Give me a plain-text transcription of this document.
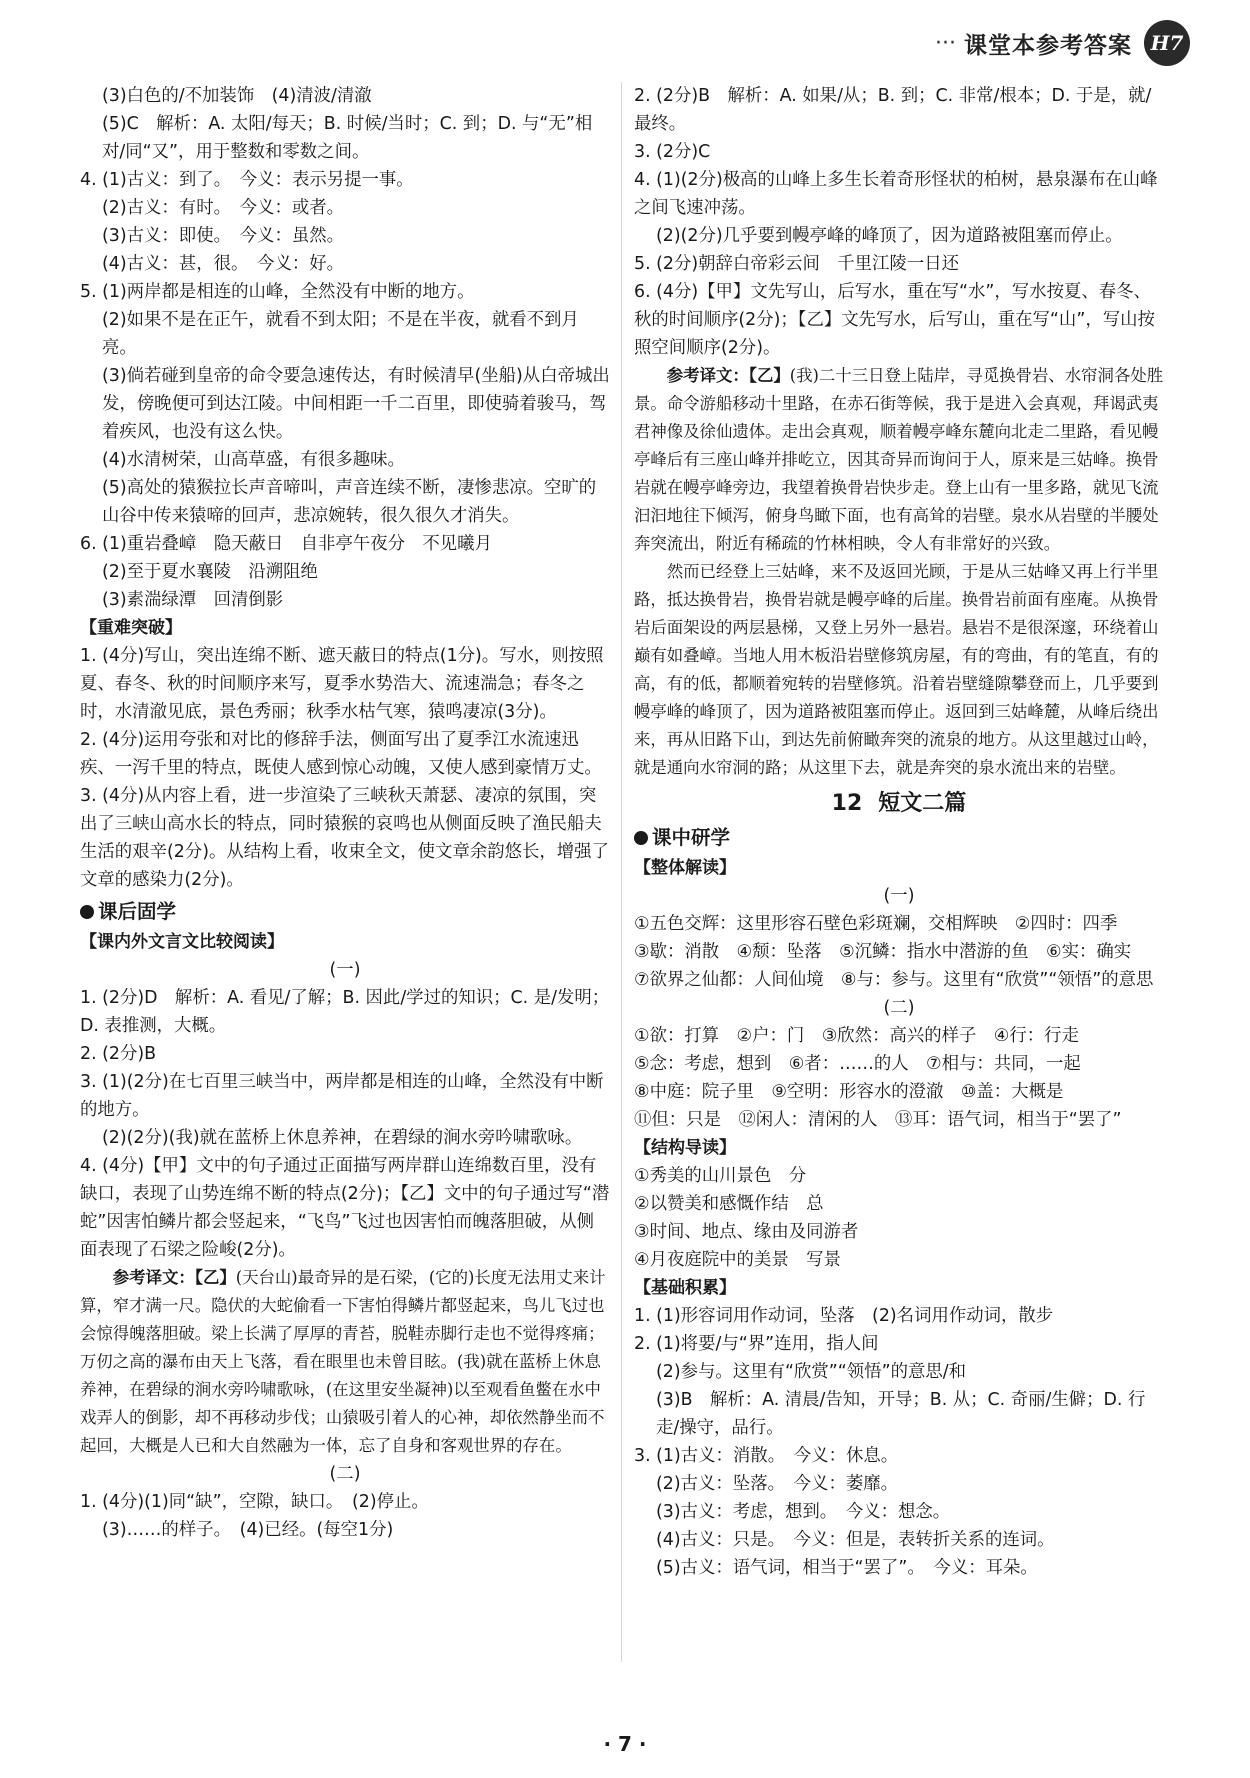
··· 课堂本参考答案 H7

(3)白色的/不加装饰　(4)清波/清澈

(5)C　解析：A. 太阳/每天；B. 时候/当时；C. 到；D. 与“无”相对/同“又”，用于整数和零数之间。

4. (1)古义：到了。　今义：表示另提一事。

(2)古义：有时。　今义：或者。

(3)古义：即使。　今义：虽然。

(4)古义：甚，很。　今义：好。

5. (1)两岸都是相连的山峰，全然没有中断的地方。

(2)如果不是在正午，就看不到太阳；不是在半夜，就看不到月亮。

(3)倘若碰到皇帝的命令要急速传达，有时候清早(坐船)从白帝城出发，傍晚便可到达江陵。中间相距一千二百里，即使骑着骏马，驾着疾风，也没有这么快。

(4)水清树荣，山高草盛，有很多趣味。

(5)高处的猿猴拉长声音啼叫，声音连续不断，凄惨悲凉。空旷的山谷中传来猿啼的回声，悲凉婉转，很久很久才消失。

6. (1)重岩叠嶂　隐天蔽日　自非亭午夜分　不见曦月

(2)至于夏水襄陵　沿溯阻绝

(3)素湍绿潭　回清倒影

【重难突破】

1. (4分)写山，突出连绵不断、遮天蔽日的特点(1分)。写水，则按照夏、春冬、秋的时间顺序来写，夏季水势浩大、流速湍急；春冬之时，水清澈见底，景色秀丽；秋季水枯气寒，猿鸣凄凉(3分)。

2. (4分)运用夸张和对比的修辞手法，侧面写出了夏季江水流速迅疾、一泻千里的特点，既使人感到惊心动魄，又使人感到豪情万丈。

3. (4分)从内容上看，进一步渲染了三峡秋天萧瑟、凄凉的氛围，突出了三峡山高水长的特点，同时猿猴的哀鸣也从侧面反映了渔民船夫生活的艰辛(2分)。从结构上看，收束全文，使文章余韵悠长，增强了文章的感染力(2分)。

课后固学

【课内外文言文比较阅读】

(一)

1. (2分)D　解析：A. 看见/了解；B. 因此/学过的知识；C. 是/发明；D. 表推测，大概。

2. (2分)B

3. (1)(2分)在七百里三峡当中，两岸都是相连的山峰，全然没有中断的地方。

(2)(2分)(我)就在蓝桥上休息养神，在碧绿的涧水旁吟啸歌咏。

4. (4分)【甲】文中的句子通过正面描写两岸群山连绵数百里，没有缺口，表现了山势连绵不断的特点(2分)；【乙】文中的句子通过写“潜蛇”因害怕鳞片都会竖起来，“飞鸟”飞过也因害怕而魄落胆破，从侧面表现了石梁之险峻(2分)。

参考译文：【乙】(天台山)最奇异的是石梁，(它的)长度无法用丈来计算，窄才满一尺。隐伏的大蛇偷看一下害怕得鳞片都竖起来，鸟儿飞过也会惊得魄落胆破。梁上长满了厚厚的青苔，脱鞋赤脚行走也不觉得疼痛；万仞之高的瀑布由天上飞落，看在眼里也未曾目眩。(我)就在蓝桥上休息养神，在碧绿的涧水旁吟啸歌咏，(在这里安坐凝神)以至观看鱼鳖在水中戏弄人的倒影，却不再移动步伐；山猿吸引着人的心神，却依然静坐而不起回，大概是人已和大自然融为一体，忘了自身和客观世界的存在。

(二)

1. (4分)(1)同“缺”，空隙，缺口。　(2)停止。

(3)……的样子。　(4)已经。(每空1分)

2. (2分)B　解析：A. 如果/从；B. 到；C. 非常/根本；D. 于是，就/最终。

3. (2分)C

4. (1)(2分)极高的山峰上多生长着奇形怪状的柏树，悬泉瀑布在山峰之间飞速冲荡。

(2)(2分)几乎要到幔亭峰的峰顶了，因为道路被阻塞而停止。

5. (2分)朝辞白帝彩云间　千里江陵一日还

6. (4分)【甲】文先写山，后写水，重在写“水”，写水按夏、春冬、秋的时间顺序(2分)；【乙】文先写水，后写山，重在写“山”，写山按照空间顺序(2分)。

参考译文：【乙】(我)二十三日登上陆岸，寻觅换骨岩、水帘洞各处胜景。命令游船移动十里路，在赤石街等候，我于是进入会真观，拜谒武夷君神像及徐仙遗体。走出会真观，顺着幔亭峰东麓向北走二里路，看见幔亭峰后有三座山峰并排屹立，因其奇异而询问于人，原来是三姑峰。换骨岩就在幔亭峰旁边，我望着换骨岩快步走。登上山有一里多路，就见飞流汩汩地往下倾泻，俯身鸟瞰下面，也有高耸的岩壁。泉水从岩壁的半腰处奔突流出，附近有稀疏的竹林相映，令人有非常好的兴致。

然而已经登上三姑峰，来不及返回光顾，于是从三姑峰又再上行半里路，抵达换骨岩，换骨岩就是幔亭峰的后崖。换骨岩前面有座庵。从换骨岩后面架设的两层悬梯，又登上另外一悬岩。悬岩不是很深邃，环绕着山巅有如叠嶂。当地人用木板沿岩壁修筑房屋，有的弯曲，有的笔直，有的高，有的低，都顺着宛转的岩壁修筑。沿着岩壁缝隙攀登而上，几乎要到幔亭峰的峰顶了，因为道路被阻塞而停止。返回到三姑峰麓，从峰后绕出来，再从旧路下山，到达先前俯瞰奔突的流泉的地方。从这里越过山岭，就是通向水帘洞的路；从这里下去，就是奔突的泉水流出来的岩壁。

12 短文二篇
课中研学

【整体解读】

(一)

①五色交辉：这里形容石壁色彩斑斓，交相辉映　②四时：四季

③歇：消散　④颓：坠落　⑤沉鳞：指水中潜游的鱼　⑥实：确实

⑦欲界之仙都：人间仙境　⑧与：参与。这里有“欣赏”“领悟”的意思

(二)

①欲：打算　②户：门　③欣然：高兴的样子　④行：行走

⑤念：考虑，想到　⑥者：……的人　⑦相与：共同，一起

⑧中庭：院子里　⑨空明：形容水的澄澈　⑩盖：大概是

⑪但：只是　⑫闲人：清闲的人　⑬耳：语气词，相当于“罢了”

【结构导读】

①秀美的山川景色　分

②以赞美和感慨作结　总

③时间、地点、缘由及同游者

④月夜庭院中的美景　写景

【基础积累】

1. (1)形容词用作动词，坠落　(2)名词用作动词，散步

2. (1)将要/与“界”连用，指人间

(2)参与。这里有“欣赏”“领悟”的意思/和

(3)B　解析：A. 清晨/告知，开导；B. 从；C. 奇丽/生僻；D. 行走/操守，品行。

3. (1)古义：消散。　今义：休息。

(2)古义：坠落。　今义：萎靡。

(3)古义：考虑，想到。　今义：想念。

(4)古义：只是。　今义：但是，表转折关系的连词。

(5)古义：语气词，相当于“罢了”。　今义：耳朵。

· 7 ·
